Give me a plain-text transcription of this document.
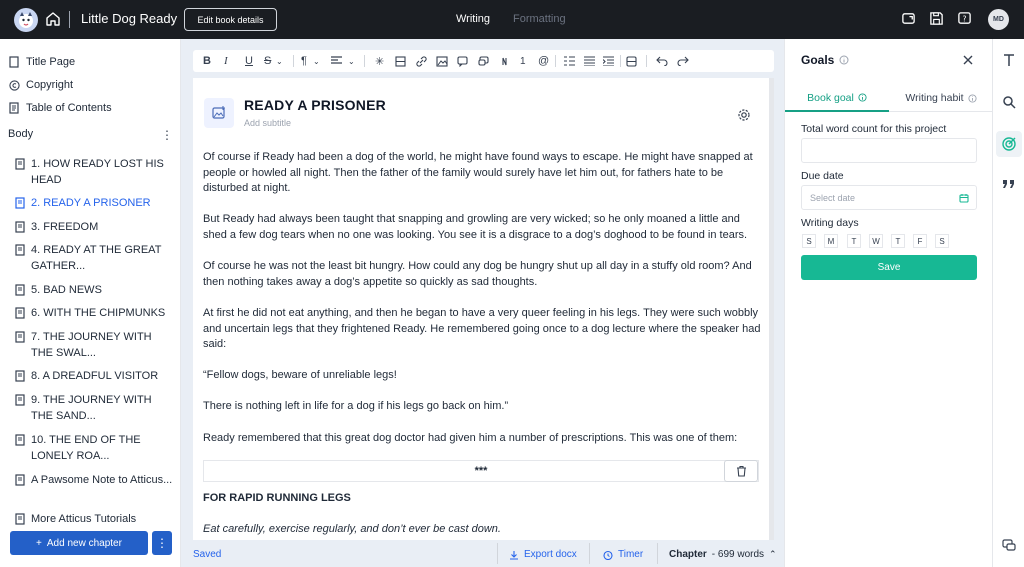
Little Dog Ready	Edit book details	Writing Formatting	?	MD
Title Page
Copyright
Table of Contents
Body	⋮
1. HOW READY LOST HIS HEAD
2. READY A PRISONER
3. FREEDOM
4. READY AT THE GREAT GATHER...
5. BAD NEWS
6. WITH THE CHIPMUNKS
7. THE JOURNEY WITH THE SWAL...
8. A DREADFUL VISITOR
9. THE JOURNEY WITH THE SAND...
10. THE END OF THE LONELY ROA...
A Pawsome Note to Atticus...
More Atticus Tutorials
+ Add new chapter	⋮
B I U S ⌄ ¶ ⌄	⌄ ✳	1 @
READY A PRISONER
Add subtitle
Of course if Ready had been a dog of the world, he might have found ways to escape. He might have snapped at people or howled all night. Then the father of the family would surely have let him out, for fathers hate to be disturbed at night.
But Ready had always been taught that snapping and growling are very wicked; so he only moaned a little and shed a few dog tears when no one was looking. You see it is a disgrace to a dog’s doghood to be found in tears.
Of course he was not the least bit hungry. How could any dog be hungry shut up all day in a stuffy old room? And then nothing takes away a dog’s appetite so quickly as sad thoughts.
At first he did not eat anything, and then he began to have a very queer feeling in his legs. They were such wobbly and uncertain legs that they frightened Ready. He remembered going once to a dog lecture where the speaker had said:
“Fellow dogs, beware of unreliable legs!
There is nothing left in life for a dog if his legs go back on him.”
Ready remembered that this great dog doctor had given him a number of prescriptions. This was one of them:
***
FOR RAPID RUNNING LEGS
Eat carefully, exercise regularly, and don’t ever be cast down.
Saved	Export docx	Timer	Chapter - 699 words ⌃
Goals
Book goal	Writing habit
Total word count for this project
Due date
Select date
Writing days
S	M	T	W	T	F	S
Save
